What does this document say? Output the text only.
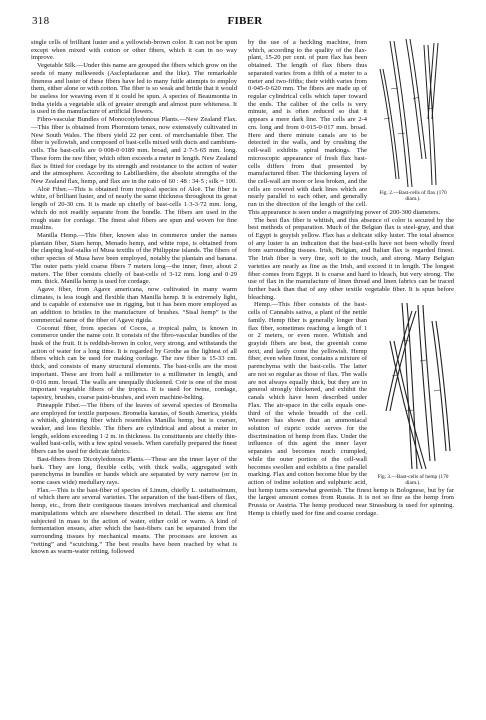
318	FIBER

single cells of brilliant luster and a yellowish-brown color. It can not be spun except when mixed with cotton or other fibers, which it can in no way improve.

Vegetable Silk.—Under this name are grouped the fibers which grow on the seeds of many milkweeds (Asclepiadaceæ and the like). The remarkable fineness and luster of these fibers have led to many futile attempts to employ them, either alone or with cotton. The fiber is so weak and brittle that it would be useless for weaving even if it could be spun. A species of Beaumontia in India yields a vegetable silk of greater strength and almost pure whiteness. It is used in the manufacture of artificial flowers.

Fibro-vascular Bundles of Monocotyledonous Plants.—New Zealand Flax.—This fiber is obtained from Phormium tenax, now extensively cultivated in New South Wales. The fibers yield 22 per cent. of merchantable fiber. The fiber is yellowish, and composed of bast-cells mixed with ducts and cambium-cells. The bast-cells are 0·008-0·0189 mm. broad, and 2·7-5·65 mm. long. These form the raw fiber, which often exceeds a meter in length. New Zealand flax is fitted for cordage by its strength and resistance to the action of water and the atmosphere. According to Labillardière, the absolute strengths of the New Zealand flax, hemp, and flax are in the ratio of 60 : 48 : 34·5 ; silk = 100.

Aloë Fiber.—This is obtained from tropical species of Aloë. The fiber is white, of brilliant luster, and of nearly the same thickness throughout its great length of 20-30 cm. It is made up chiefly of bast-cells 1·3-3·72 mm. long, which do not readily separate from the bundle. The fibers are used in the rough state for cordage. The finest aloë fibers are spun and woven for fine muslins.

Manilla Hemp.—This fiber, known also in commerce under the names plantain fiber, Siam hemp, Menado hemp, and white rope, is obtained from the clasping leaf-stalks of Musa textilis of the Philippine islands. The fibers of other species of Musa have been employed, notably the plantain and banana. The outer parts yield coarse fibers 7 meters long—the inner, finer, about 2 meters. The fiber consists chiefly of bast-cells of 3-12 mm. long and 0·29 mm. thick. Manilla hemp is used for cordage.

Agave fiber, from Agave americana, now cultivated in many warm climates, is less tough and flexible than Manilla hemp. It is extremely light, and is capable of extensive use in rigging, but it has been more employed as an addition to bristles in the manufacture of brushes. “Sisal hemp” is the commercial name of the fiber of Agave rigida.

Coconut fiber, from species of Cocos, a tropical palm, is known in commerce under the name coir. It consists of the fibro-vascular bundles of the husk of the fruit. It is reddish-brown in color, very strong, and withstands the action of water for a long time. It is regarded by Grothe as the lightest of all fibers which can be used for making cordage. The raw fiber is 15-33 cm. thick, and consists of many structural elements. The bast-cells are the most important. These are from half a millimeter to a millimeter in length, and 0·016 mm. broad. The walls are unequally thickened. Coir is one of the most important vegetable fibers of the tropics. It is used for twine, cordage, tapestry, brushes, coarse paint-brushes, and even machine-belting.

Pineapple Fiber.—The fibers of the leaves of several species of Bromelia are employed for textile purposes. Bromelia karatas, of South America, yields a whitish, glistening fiber which resembles Manilla hemp, but is coarser, weaker, and less flexible. The fibers are cylindrical and about a meter in length, seldom exceeding 1·2 m. in thickness. Its constituents are chiefly thin-walled bast-cells, with a few spiral vessels. When carefully prepared the finest fibers can be used for delicate fabrics.

Bast-fibers from Dicotyledonous Plants.—These are the inner layer of the bark. They are long, flexible cells, with thick walls, aggregated with parenchyma in bundles or bands which are separated by very narrow (or in some cases wide) medullary rays.

Flax.—This is the bast-fiber of species of Linum, chiefly L. usitatissimum, of which there are several varieties. The separation of the bast-fibers of flax, hemp, etc., from their contiguous tissues involves mechanical and chemical manipulations which are elsewhere described in detail. The stems are first subjected in mass to the action of water, either cold or warm. A kind of fermentation ensues, after which the bast-fibers can be separated from the surrounding tissues by mechanical means. The processes are known as “retting” and “scutching.” The best results have been reached by what is known as warm-water retting, followed

Fig. 2.—Bast-cells of flax (170 diam.).

by the use of a heckling machine, from which, according to the quality of the flax-plant, 15-20 per cent. of pure flax has been obtained. The length of flax fibers thus separated varies from a fifth of a meter to a meter and two-fifths; their width varies from 0·045-0·620 mm. The fibers are made up of regular cylindrical cells which taper toward the ends. The caliber of the cells is very minute, and is often reduced so that it appears a mere dark line. The cells are 2-4 cm. long and from 0·015-0·017 mm. broad. Here and there minute canals are to be detected in the walls, and by crushing the cell-wall exhibits spiral markings. The microscopic appearance of fresh flax bast-cells differs from that presented by manufactured fiber. The thickening layers of the cell-wall are more or less broken, and the cells are covered with dark lines which are nearly parallel to each other, and generally run in the direction of the length of the cell. This appearance is seen under a magnifying power of 200-300 diameters.

The best flax fiber is whitish, and this absence of color is secured by the best methods of preparation. Much of the Belgian flax is steel-gray, and that of Egypt is grayish yellow. Flax has a delicate silky luster. The total absence of any luster is an indication that the bast-cells have not been wholly freed from surrounding tissues. Irish, Belgian, and Italian flax is regarded finest. The Irish fiber is very fine, soft to the touch, and strong. Many Belgian varieties are nearly as fine as the Irish, and exceed it in length. The longest fiber comes from Egypt. It is coarse and hard to bleach, but very strong. The use of flax in the manufacture of linen thread and linen fabrics can be traced further back than that of any other textile vegetable fiber. It is spun before bleaching.

Fig. 3.—Bast-cells of hemp (170 diam.).

Hemp.—This fiber consists of the bast-cells of Cannabis sativa, a plant of the nettle family. Hemp fiber is generally longer than flax fiber, sometimes reaching a length of 1 or 2 meters, or even more. Whitish and grayish fibers are best, the greenish come next, and lastly come the yellowish. Hemp fiber, even when finest, contains a mixture of parenchyma with the bast-cells. The latter are not so regular as those of flax. The walls are not always equally thick, but they are in general strongly thickened, and exhibit the canals which have been described under Flax. The air-space in the cells equals one-third of the whole breadth of the cell. Wiesner has shown that an ammoniacal solution of cupric oxide serves for the discrimination of hemp from flax. Under the influence of this agent the inner layer separates and becomes much crumpled, while the outer portion of the cell-wall becomes swollen and exhibits a fine parallel marking. Flax and cotton become blue by the action of iodine solution and sulphuric acid, but hemp turns somewhat greenish. The finest hemp is Bolognese, but by far the largest amount comes from Russia. It is not so fine as the hemp from Prussia or Austria. The hemp produced near Strassburg is used for spinning. Hemp is chiefly used for fine and coarse cordage.
